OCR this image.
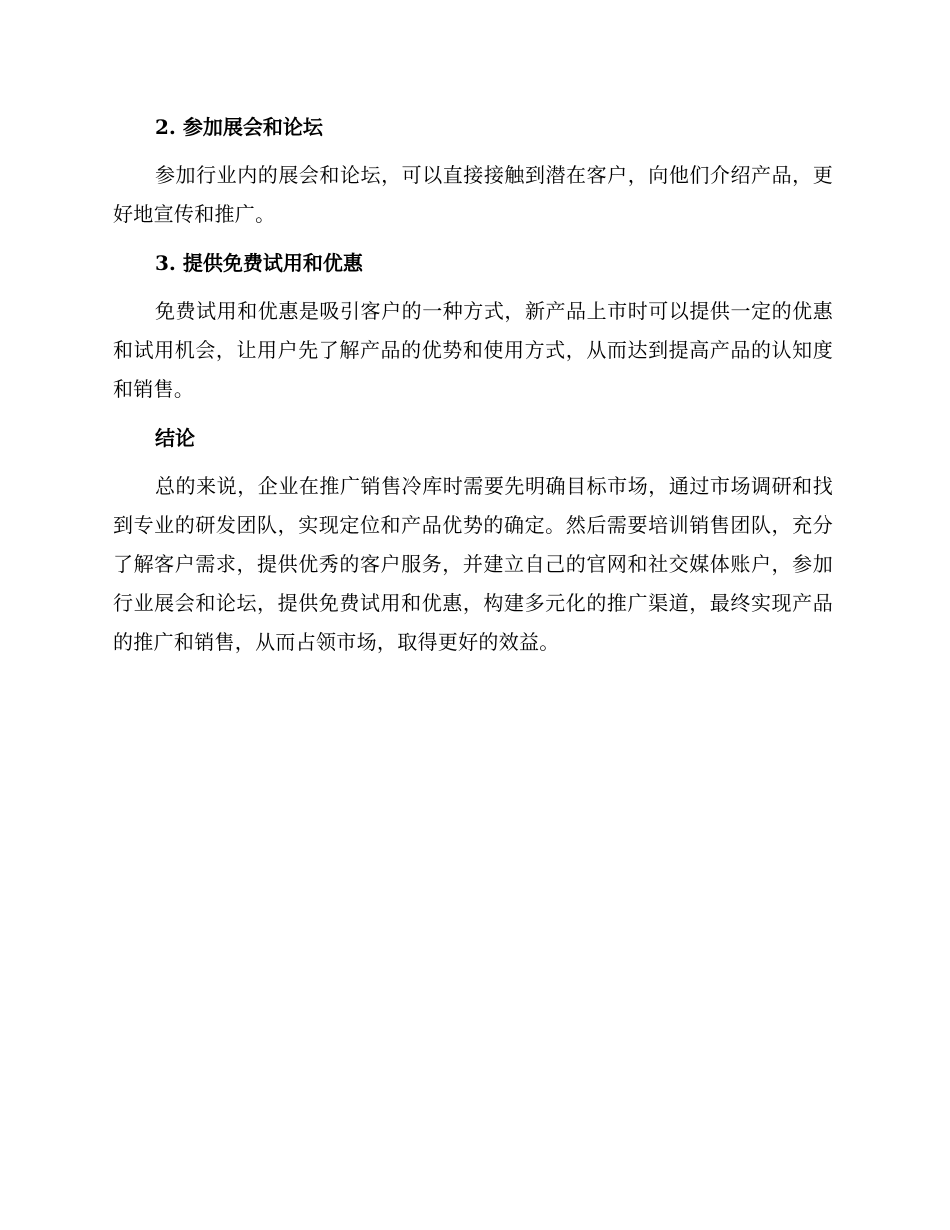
2. 参加展会和论坛

参加行业内的展会和论坛，可以直接接触到潜在客户，向他们介绍产品，更好地宣传和推广。

3. 提供免费试用和优惠

免费试用和优惠是吸引客户的一种方式，新产品上市时可以提供一定的优惠和试用机会，让用户先了解产品的优势和使用方式，从而达到提高产品的认知度和销售。

结论

总的来说，企业在推广销售冷库时需要先明确目标市场，通过市场调研和找到专业的研发团队，实现定位和产品优势的确定。然后需要培训销售团队，充分了解客户需求，提供优秀的客户服务，并建立自己的官网和社交媒体账户，参加行业展会和论坛，提供免费试用和优惠，构建多元化的推广渠道，最终实现产品的推广和销售，从而占领市场，取得更好的效益。
